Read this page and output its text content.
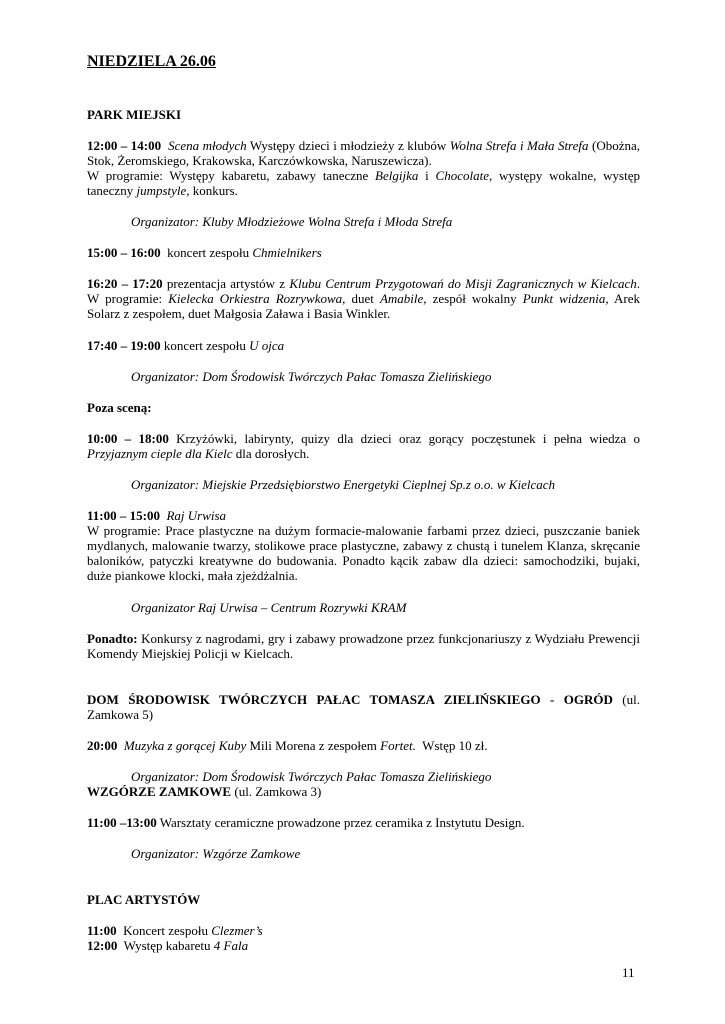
NIEDZIELA 26.06
PARK MIEJSKI
12:00 – 14:00 Scena młodych Występy dzieci i młodzieży z klubów Wolna Strefa i Mała Strefa (Obożna, Stok, Żeromskiego, Krakowska, Karczówkowska, Naruszewicza).
W programie: Występy kabaretu, zabawy taneczne Belgijka i Chocolate, występy wokalne, występ taneczny jumpstyle, konkurs.
Organizator: Kluby Młodzieżowe Wolna Strefa i Młoda Strefa
15:00 – 16:00  koncert zespołu Chmielnikers
16:20 – 17:20 prezentacja artystów z Klubu Centrum Przygotowań do Misji Zagranicznych w Kielcach.  W programie: Kielecka Orkiestra Rozrywkowa, duet Amabile, zespół wokalny Punkt widzenia, Arek Solarz z zespołem, duet Małgosia Zaława i Basia Winkler.
17:40 – 19:00 koncert zespołu U ojca
Organizator: Dom Środowisk Twórczych Pałac Tomasza Zielińskiego
Poza sceną:
10:00 – 18:00 Krzyżówki, labirynty, quizy dla dzieci oraz gorący poczęstunek i pełna wiedza o Przyjaznym cieple dla Kielc dla dorosłych.
Organizator: Miejskie Przedsiębiorstwo Energetyki Cieplnej Sp.z o.o. w Kielcach
11:00 – 15:00 Raj Urwisa
W programie: Prace plastyczne na dużym formacie-malowanie farbami przez dzieci, puszczanie baniek mydlanych, malowanie twarzy, stolikowe prace plastyczne, zabawy z chustą i tunelem Klanza, skręcanie baloników, patyczki kreatywne do budowania. Ponadto kącik zabaw dla dzieci: samochodziki, bujaki, duże piankowe klocki, mała zjeżdżalnia.
Organizator Raj Urwisa – Centrum Rozrywki KRAM
Ponadto: Konkursy z nagrodami, gry i zabawy prowadzone przez funkcjonariuszy z Wydziału Prewencji Komendy Miejskiej Policji w Kielcach.
DOM ŚRODOWISK TWÓRCZYCH PAŁAC TOMASZA ZIELIŃSKIEGO - OGRÓD (ul. Zamkowa 5)
20:00 Muzyka z gorącej Kuby Mili Morena z zespołem Fortet.  Wstęp 10 zł.
Organizator: Dom Środowisk Twórczych Pałac Tomasza Zielińskiego
WZGÓRZE ZAMKOWE (ul. Zamkowa 3)
11:00 –13:00 Warsztaty ceramiczne prowadzone przez ceramika z Instytutu Design.
Organizator: Wzgórze Zamkowe
PLAC ARTYSTÓW
11:00  Koncert zespołu Clezmer’s
12:00  Występ kabaretu 4 Fala
11
